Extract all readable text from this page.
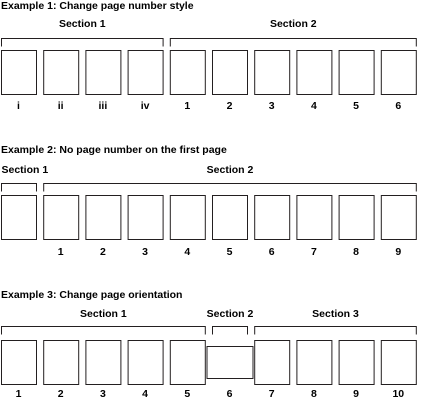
Example 1: Change page number style
Section 1	Section 2
i	ii	iii	iv	1	2	3	4	5	6
Example 2: No page number on the first page
Section 1	Section 2
1	2	3	4	5	6	7	8	9
Example 3: Change page orientation
Section 1	Section 2	Section 3
1	2	3	4	5	6	7	8	9	10
